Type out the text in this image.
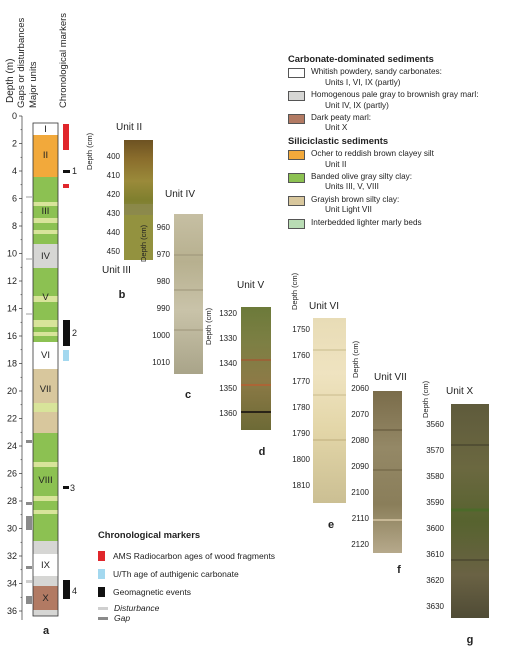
Depth (m) Gaps or disturbances Major units Chronological markers
I
II
III
IV
V
VI
VII
VIII
IX
X
0
2
4
6
8
10
12
14
16
18
20
22
24
26
28
30
32
34
36
1
2
3
4
a
Unit II
Depth (cm) 400
410
420
430
440
450
Unit III
b
Unit IV
Depth (cm) 960
970
980
990
1000
1010
c
Unit V
Depth (cm) 1320
1330
1340
1350
1360
d
Unit VI
Depth (cm)
1750
1760
1770
1780
1790
1800
1810
e
Unit VII
Depth (cm)
2060
2070
2080
2090
2100
2110
2120
f
Unit X
Depth (cm)
3560
3570
3580
3590
3600
3610
3620
3630
g
Carbonate-dominated sediments
Whitish powdery, sandy carbonates:
Units I, VI, IX (partly)
Homogenous pale gray to brownish gray marl:
Unit IV, IX (partly)
Dark peaty marl:
Unit X
Siliciclastic sediments
Ocher to reddish brown clayey silt
Unit II
Banded olive gray silty clay:
Units III, V, VIII
Grayish brown silty clay:
Unit Light VII
Interbedded lighter marly beds
Chronological markers
AMS Radiocarbon ages of wood fragments
U/Th age of authigenic carbonate
Geomagnetic events
Disturbance
Gap
